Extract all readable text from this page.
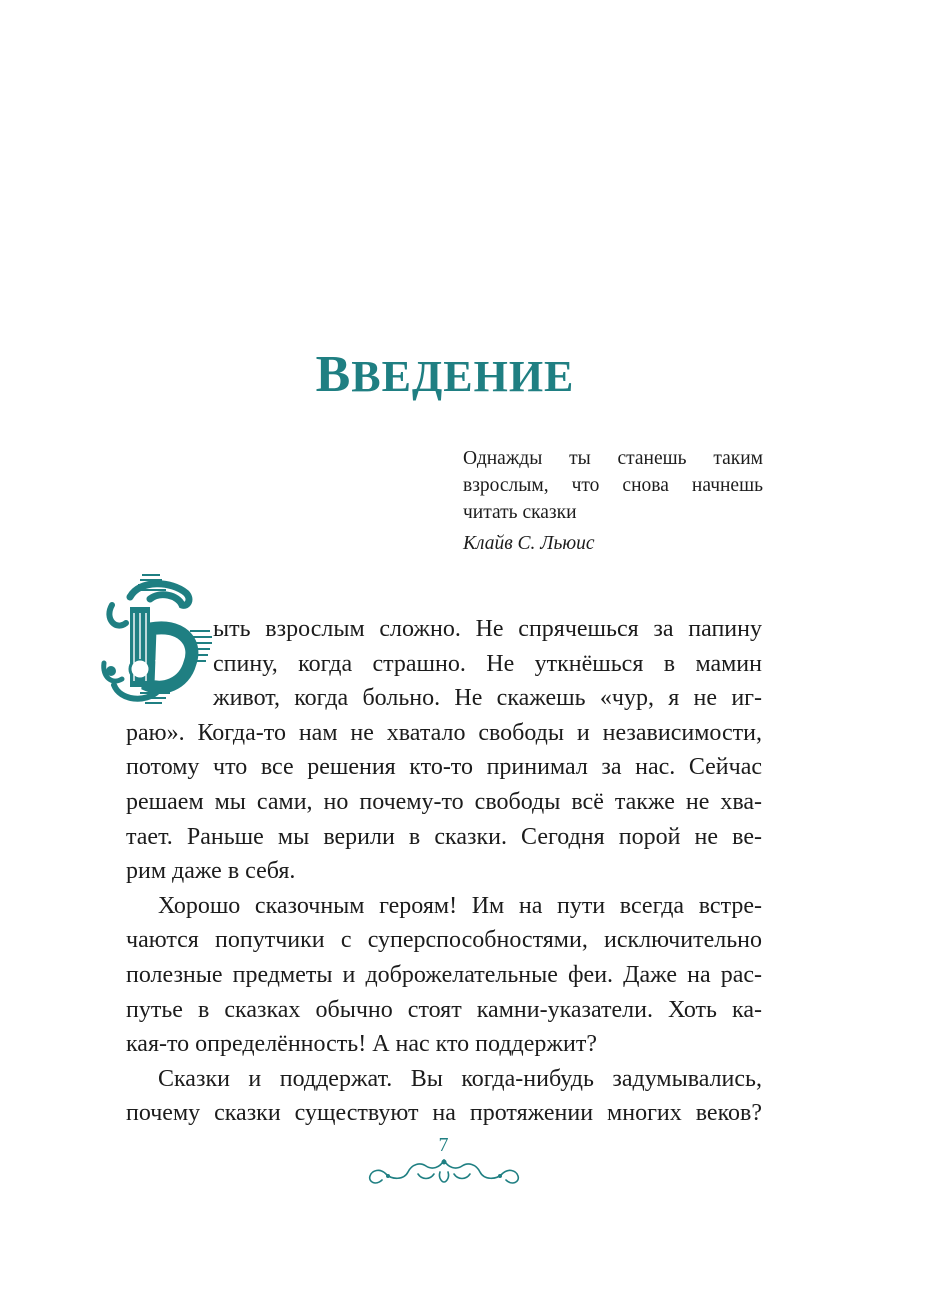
ВВЕДЕНИЕ
Однажды ты станешь таким
взрослым, что снова начнешь
читать сказки
Клайв С. Льюис
Б

ыть взрослым сложно. Не спрячешься за папину
спину, когда страшно. Не уткнёшься в мамин
живот, когда больно. Не скажешь «чур, я не иг-
раю». Когда-то нам не хватало свободы и независимости,
потому что все решения кто-то принимал за нас. Сейчас
решаем мы сами, но почему-то свободы всё также не хва-
тает. Раньше мы верили в сказки. Сегодня порой не ве-
рим даже в себя.

Хорошо сказочным героям! Им на пути всегда встре-
чаются попутчики с суперспособностями, исключительно
полезные предметы и доброжелательные феи. Даже на рас-
путье в сказках обычно стоят камни-указатели. Хоть ка-
кая-то определённость! А нас кто поддержит?

Сказки и поддержат. Вы когда-нибудь задумывались,
почему сказки существуют на протяжении многих веков?

7
